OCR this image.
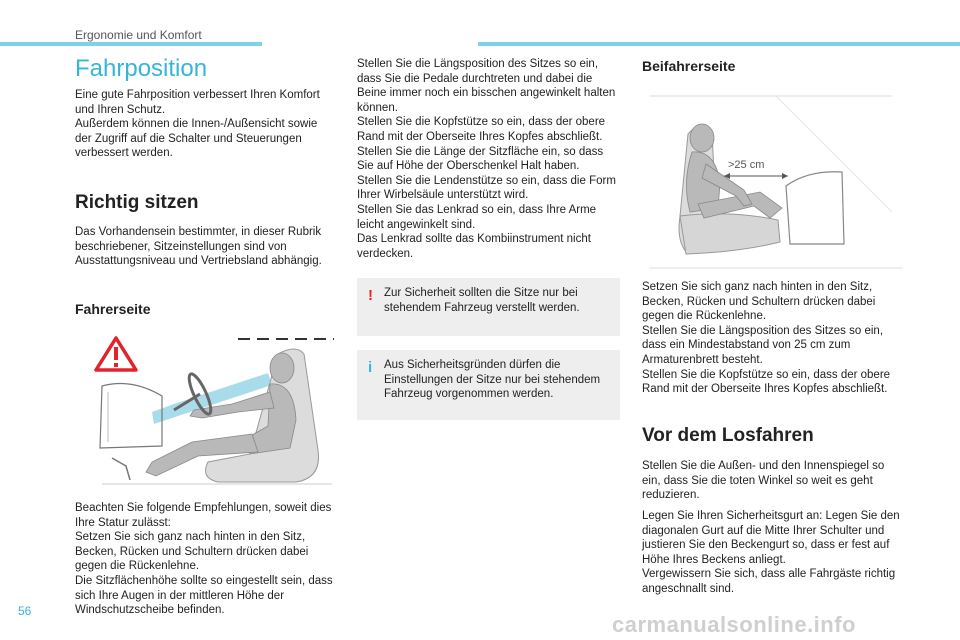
Ergonomie und Komfort
Fahrposition
Eine gute Fahrposition verbessert Ihren Komfort und Ihren Schutz.
Außerdem können die Innen-/Außensicht sowie der Zugriff auf die Schalter und Steuerungen verbessert werden.
Richtig sitzen
Das Vorhandensein bestimmter, in dieser Rubrik beschriebener, Sitzeinstellungen sind von Ausstattungsniveau und Vertriebsland abhängig.
Fahrerseite
Beachten Sie folgende Empfehlungen, soweit dies Ihre Statur zulässt:
Setzen Sie sich ganz nach hinten in den Sitz, Becken, Rücken und Schultern drücken dabei gegen die Rückenlehne.
Die Sitzflächenhöhe sollte so eingestellt sein, dass sich Ihre Augen in der mittleren Höhe der Windschutzscheibe befinden.
Stellen Sie die Längsposition des Sitzes so ein, dass Sie die Pedale durchtreten und dabei die Beine immer noch ein bisschen angewinkelt halten können.
Stellen Sie die Kopfstütze so ein, dass der obere Rand mit der Oberseite Ihres Kopfes abschließt.
Stellen Sie die Länge der Sitzfläche ein, so dass Sie auf Höhe der Oberschenkel Halt haben.
Stellen Sie die Lendenstütze so ein, dass die Form Ihrer Wirbelsäule unterstützt wird.
Stellen Sie das Lenkrad so ein, dass Ihre Arme leicht angewinkelt sind.
Das Lenkrad sollte das Kombiinstrument nicht verdecken.
! Zur Sicherheit sollten die Sitze nur bei stehendem Fahrzeug verstellt werden.
i Aus Sicherheitsgründen dürfen die Einstellungen der Sitze nur bei stehendem Fahrzeug vorgenommen werden.
Beifahrerseite
>25 cm
Setzen Sie sich ganz nach hinten in den Sitz, Becken, Rücken und Schultern drücken dabei gegen die Rückenlehne.
Stellen Sie die Längsposition des Sitzes so ein, dass ein Mindestabstand von 25 cm zum Armaturenbrett besteht.
Stellen Sie die Kopfstütze so ein, dass der obere Rand mit der Oberseite Ihres Kopfes abschließt.
Vor dem Losfahren
Stellen Sie die Außen- und den Innenspiegel so ein, dass Sie die toten Winkel so weit es geht reduzieren.
Legen Sie Ihren Sicherheitsgurt an: Legen Sie den diagonalen Gurt auf die Mitte Ihrer Schulter und justieren Sie den Beckengurt so, dass er fest auf Höhe Ihres Beckens anliegt.
Vergewissern Sie sich, dass alle Fahrgäste richtig angeschnallt sind.
56
carmanualsonline.info
